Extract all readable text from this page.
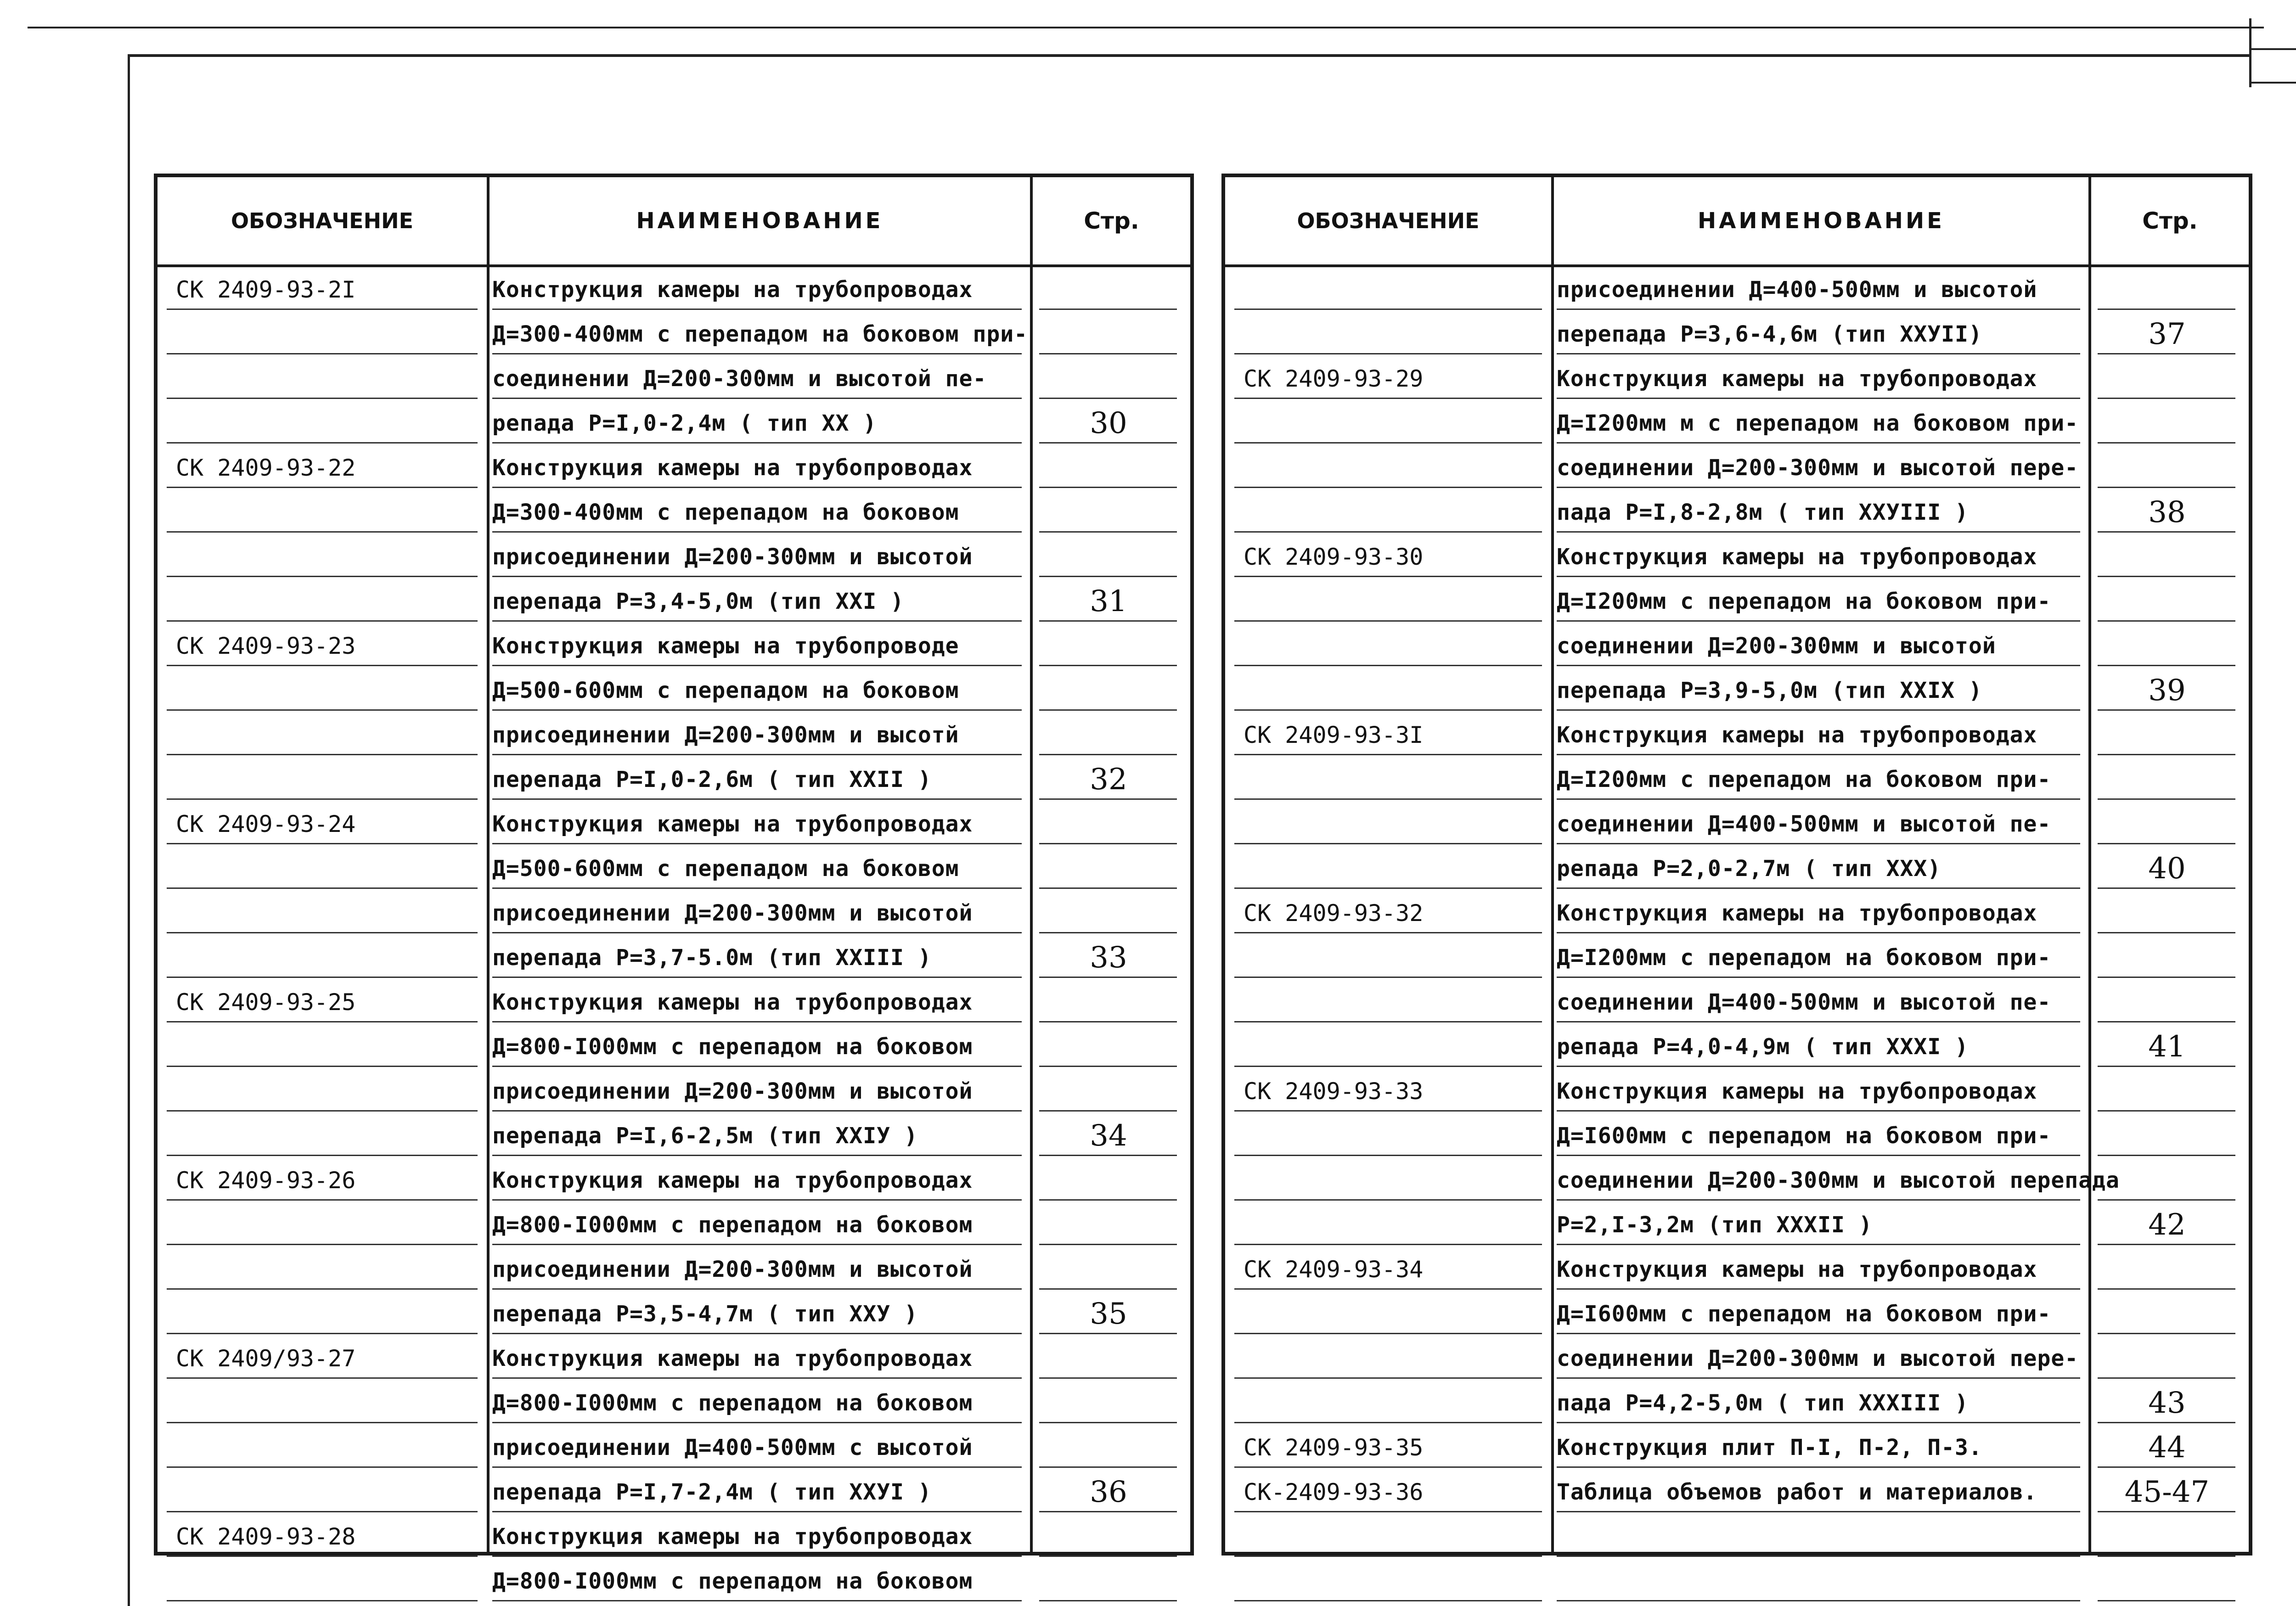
ОБОЗНАЧЕНИЕ	НАИМЕНОВАНИЕ	Стр.
СК 2409-93-2I	Конструкция камеры на трубопроводах
Д=300-400мм с перепадом на боковом при-
соединении Д=200-300мм и высотой пе-
репада Р=I,0-2,4м ( тип XX )	30
СК 2409-93-22	Конструкция камеры на трубопроводах
Д=300-400мм с перепадом на боковом
присоединении Д=200-300мм и высотой
перепада Р=3,4-5,0м (тип XXI )	31
СК 2409-93-23	Конструкция камеры на трубопроводе
Д=500-600мм с перепадом на боковом
присоединении Д=200-300мм и высотй
перепада Р=I,0-2,6м ( тип XXII )	32
СК 2409-93-24	Конструкция камеры на трубопроводах
Д=500-600мм с перепадом на боковом
присоединении Д=200-300мм и высотой
перепада Р=3,7-5.0м (тип XXIII )	33
СК 2409-93-25	Конструкция камеры на трубопроводах
Д=800-I000мм с перепадом на боковом
присоединении Д=200-300мм и высотой
перепада Р=I,6-2,5м (тип XXIУ )	34
СК 2409-93-26	Конструкция камеры на трубопроводах
Д=800-I000мм с перепадом на боковом
присоединении Д=200-300мм и высотой
перепада Р=3,5-4,7м ( тип XXУ )	35
СК 2409/93-27	Конструкция камеры на трубопроводах
Д=800-I000мм с перепадом на боковом
присоединении Д=400-500мм с высотой
перепада Р=I,7-2,4м ( тип XXУI )	36
СК 2409-93-28	Конструкция камеры на трубопроводах
Д=800-I000мм с перепадом на боковом
ОБОЗНАЧЕНИЕ	НАИМЕНОВАНИЕ	Стр.
присоединении Д=400-500мм и высотой
перепада Р=3,6-4,6м (тип XXУII)	37
СК 2409-93-29	Конструкция камеры на трубопроводах
Д=I200мм м с перепадом на боковом при-
соединении Д=200-300мм и высотой пере-
пада Р=I,8-2,8м ( тип XXУIII )	38
СК 2409-93-30	Конструкция камеры на трубопроводах
Д=I200мм с перепадом на боковом при-
соединении Д=200-300мм и высотой
перепада Р=3,9-5,0м (тип XXIX )	39
СК 2409-93-3I	Конструкция камеры на трубопроводах
Д=I200мм с перепадом на боковом при-
соединении Д=400-500мм и высотой пе-
репада Р=2,0-2,7м ( тип XXX)	40
СК 2409-93-32	Конструкция камеры на трубопроводах
Д=I200мм с перепадом на боковом при-
соединении Д=400-500мм и высотой пе-
репада Р=4,0-4,9м ( тип XXXI )	41
СК 2409-93-33	Конструкция камеры на трубопроводах
Д=I600мм с перепадом на боковом при-
соединении Д=200-300мм и высотой перепада
Р=2,I-3,2м (тип XXXII )	42
СК 2409-93-34	Конструкция камеры на трубопроводах
Д=I600мм с перепадом на боковом при-
соединении Д=200-300мм и высотой пере-
пада Р=4,2-5,0м ( тип XXXIII )	43
СК 2409-93-35	Конструкция плит П-I, П-2, П-3.	44
СК-2409-93-36	Таблица объемов работ и материалов.	45-47
